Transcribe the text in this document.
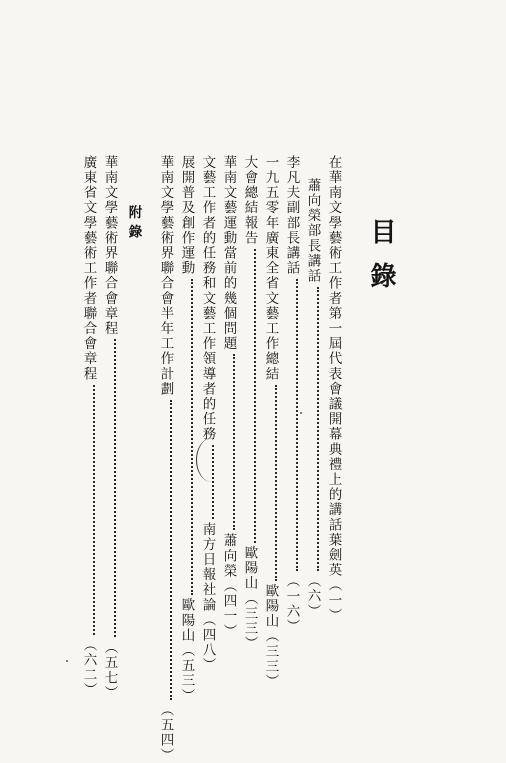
目
錄
在華南文學藝術工作者第一屆代表會議開幕典禮上的講話葉劍英（一）
蕭向榮部長講話（六）
李凡夫副部長講話（一六）
一九五零年廣東全省文藝工作總結歐陽山（三三）
大會總結報告歐陽山（三三）
華南文藝運動當前的幾個問題蕭向榮（四一）
文藝工作者的任務和文藝工作領導者的任務南方日報社論（四八）
展開普及創作運動歐陽山（五三）
華南文學藝術界聯合會半年工作計劃（五四）
附錄
華南文學藝術界聯合會章程（五七）
廣東省文學藝術工作者聯合會章程（六二）
